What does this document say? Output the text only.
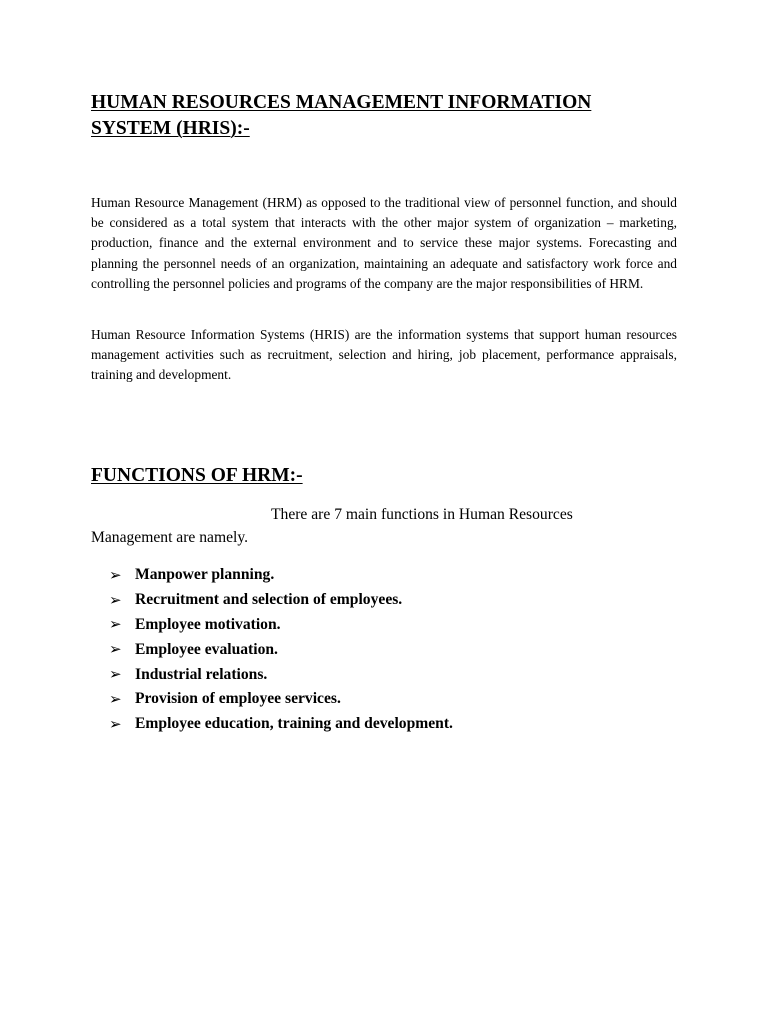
HUMAN RESOURCES MANAGEMENT INFORMATION
SYSTEM (HRIS):-

Human Resource Management (HRM) as opposed to the traditional view of personnel function, and should be considered as a total system that interacts with the other major system of organization – marketing, production, finance and the external environment and to service these major systems. Forecasting and planning the personnel needs of an organization, maintaining an adequate and satisfactory work force and controlling the personnel policies and programs of the company are the major responsibilities of HRM.

Human Resource Information Systems (HRIS) are the information systems that support human resources management activities such as recruitment, selection and hiring, job placement, performance appraisals, training and development.

FUNCTIONS OF HRM:-

There are 7 main functions in Human Resources

Management are namely.

➢ Manpower planning.
➢ Recruitment and selection of employees.
➢ Employee motivation.
➢ Employee evaluation.
➢ Industrial relations.
➢ Provision of employee services.
➢ Employee education, training and development.
